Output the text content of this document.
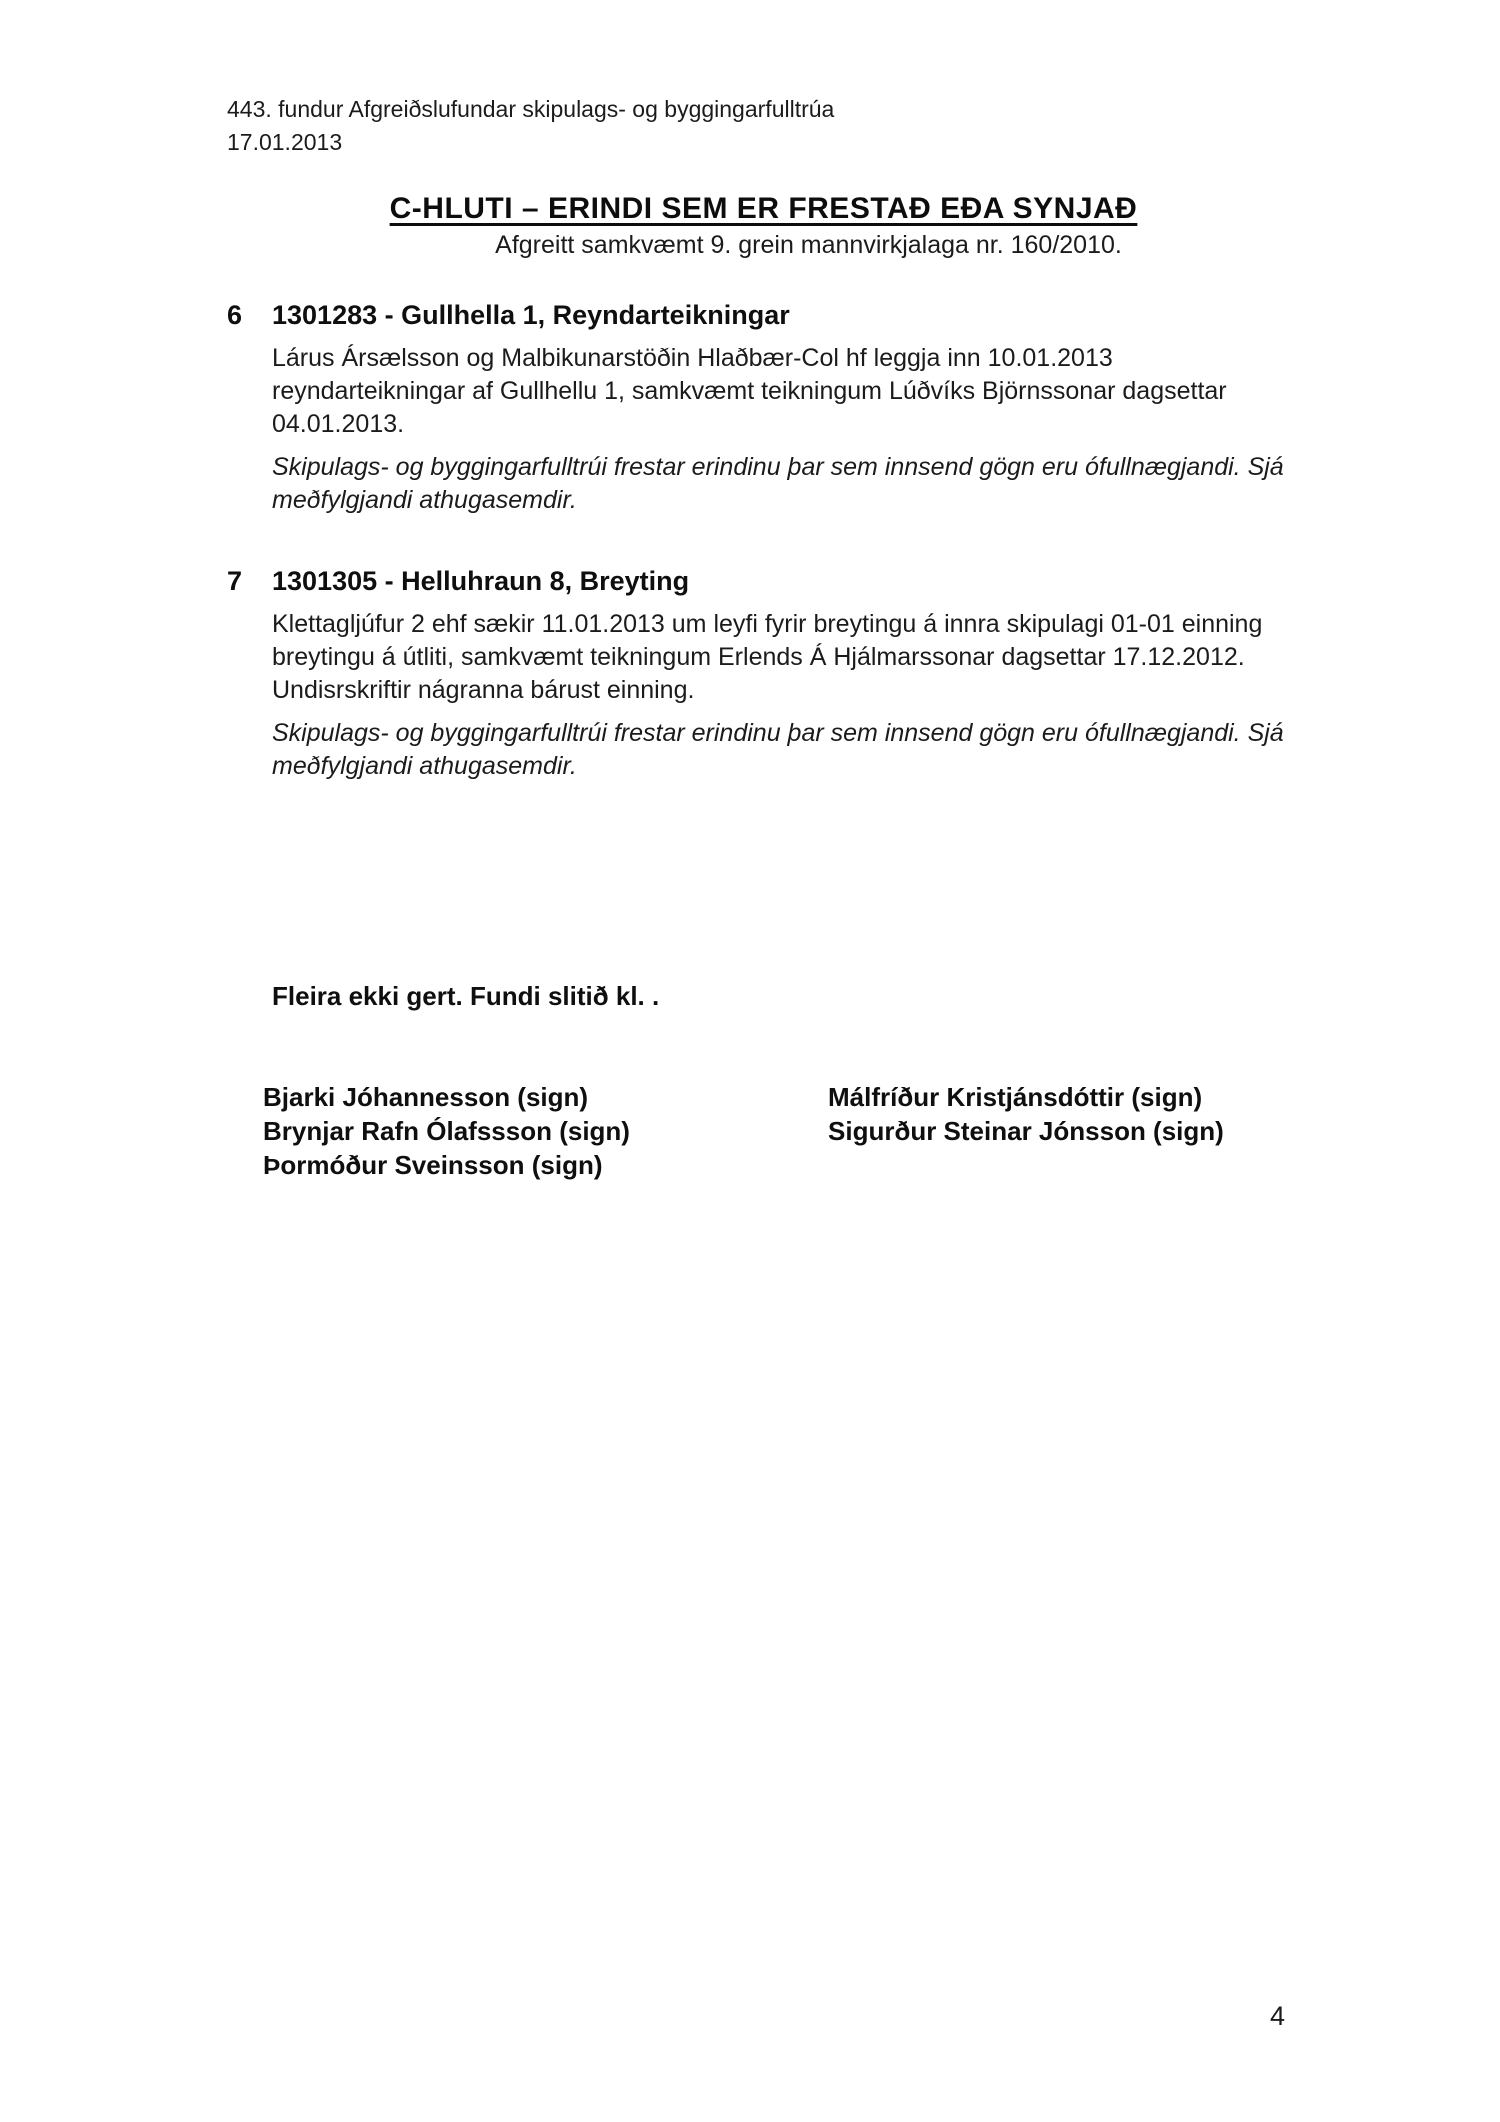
443. fundur Afgreiðslufundar skipulags- og byggingarfulltrúa
17.01.2013
C-HLUTI – ERINDI SEM ER FRESTAÐ EÐA SYNJAÐ
Afgreitt samkvæmt 9. grein mannvirkjalaga nr. 160/2010.
6	1301283 - Gullhella 1, Reyndarteikningar
Lárus Ársælsson og Malbikunarstöðin Hlaðbær-Col hf leggja inn 10.01.2013 reyndarteikningar af Gullhellu 1, samkvæmt teikningum Lúðvíks Björnssonar dagsettar 04.01.2013.
Skipulags- og byggingarfulltrúi frestar erindinu þar sem innsend gögn eru ófullnægjandi. Sjá meðfylgjandi athugasemdir.
7	1301305 - Helluhraun 8, Breyting
Klettagljúfur 2 ehf sækir 11.01.2013 um leyfi fyrir breytingu á innra skipulagi 01-01 einning breytingu á útliti, samkvæmt teikningum Erlends Á Hjálmarssonar dagsettar 17.12.2012. Undisrskriftir nágranna bárust einning.
Skipulags- og byggingarfulltrúi frestar erindinu þar sem innsend gögn eru ófullnægjandi. Sjá meðfylgjandi athugasemdir.
Fleira ekki gert. Fundi slitið kl. .
Bjarki Jóhannesson (sign)
Brynjar Rafn Ólafssson (sign)
Þormóður Sveinsson (sign)
Málfríður Kristjánsdóttir (sign)
Sigurður Steinar Jónsson (sign)
4
